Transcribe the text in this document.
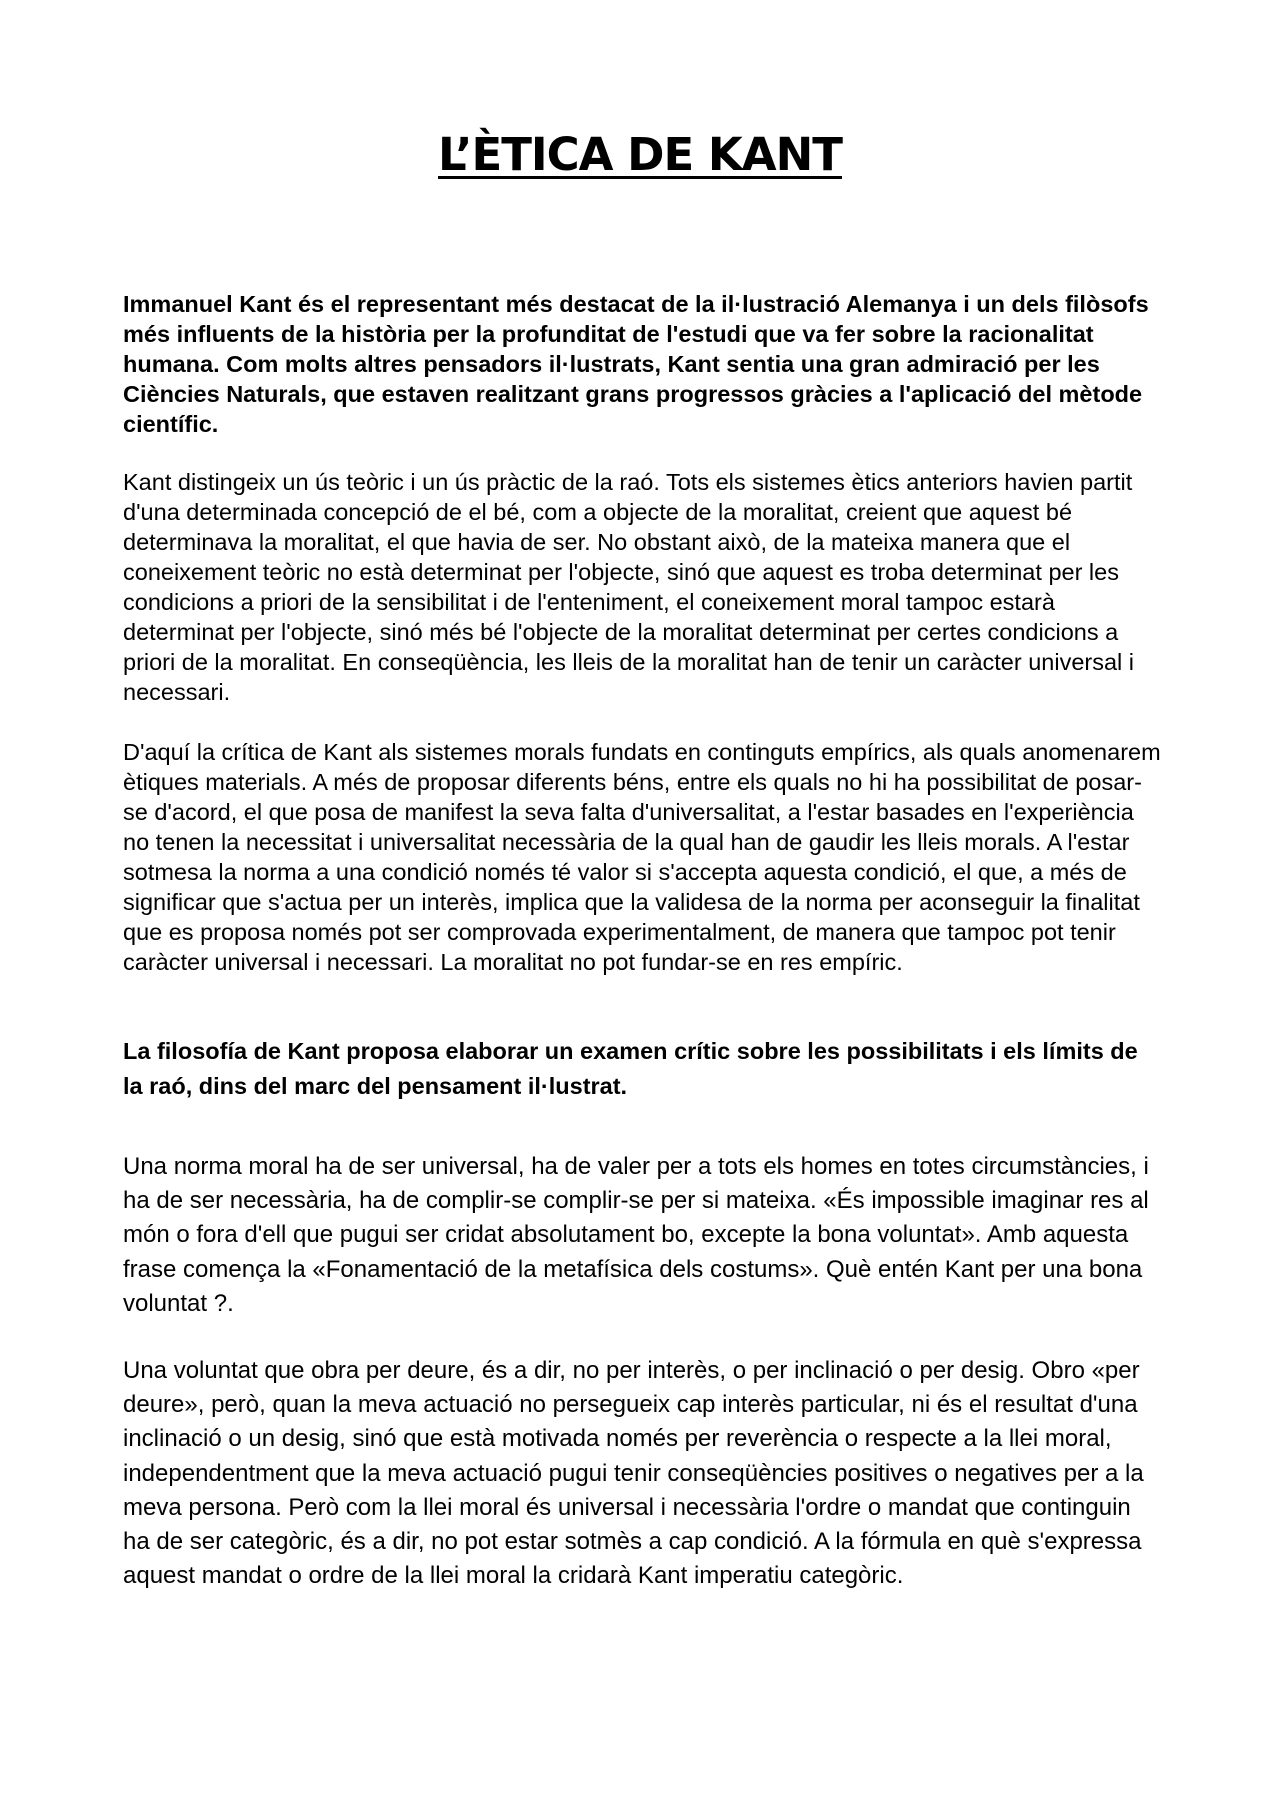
L’ÈTICA DE KANT

Immanuel Kant és el representant més destacat de la il·lustració Alemanya i un dels filòsofs més influents de la història per la profunditat de l'estudi que va fer sobre la racionalitat humana. Com molts altres pensadors il·lustrats, Kant sentia una gran admiració per les Ciències Naturals, que estaven realitzant grans progressos gràcies a l'aplicació del mètode científic.

Kant distingeix un ús teòric i un ús pràctic de la raó. Tots els sistemes ètics anteriors havien partit d'una determinada concepció de el bé, com a objecte de la moralitat, creient que aquest bé determinava la moralitat, el que havia de ser. No obstant això, de la mateixa manera que el coneixement teòric no està determinat per l'objecte, sinó que aquest es troba determinat per les condicions a priori de la sensibilitat i de l'enteniment, el coneixement moral tampoc estarà determinat per l'objecte, sinó més bé l'objecte de la moralitat determinat per certes condicions a priori de la moralitat. En conseqüència, les lleis de la moralitat han de tenir un caràcter universal i necessari.

D'aquí la crítica de Kant als sistemes morals fundats en continguts empírics, als quals anomenarem ètiques materials. A més de proposar diferents béns, entre els quals no hi ha possibilitat de posar-se d'acord, el que posa de manifest la seva falta d'universalitat, a l'estar basades en l'experiència no tenen la necessitat i universalitat necessària de la qual han de gaudir les lleis morals. A l'estar sotmesa la norma a una condició només té valor si s'accepta aquesta condició, el que, a més de significar que s'actua per un interès, implica que la validesa de la norma per aconseguir la finalitat que es proposa només pot ser comprovada experimentalment, de manera que tampoc pot tenir caràcter universal i necessari. La moralitat no pot fundar-se en res empíric.

La filosofía de Kant proposa elaborar un examen crític sobre les possibilitats i els límits de la raó, dins del marc del pensament il·lustrat.

Una norma moral ha de ser universal, ha de valer per a tots els homes en totes circumstàncies, i ha de ser necessària, ha de complir-se complir-se per si mateixa. «És impossible imaginar res al món o fora d'ell que pugui ser cridat absolutament bo, excepte la bona voluntat». Amb aquesta frase comença la «Fonamentació de la metafísica dels costums». Què entén Kant per una bona voluntat ?.

Una voluntat que obra per deure, és a dir, no per interès, o per inclinació o per desig. Obro «per deure», però, quan la meva actuació no persegueix cap interès particular, ni és el resultat d'una inclinació o un desig, sinó que està motivada només per reverència o respecte a la llei moral, independentment que la meva actuació pugui tenir conseqüències positives o negatives per a la meva persona. Però com la llei moral és universal i necessària l'ordre o mandat que continguin ha de ser categòric, és a dir, no pot estar sotmès a cap condició. A la fórmula en què s'expressa aquest mandat o ordre de la llei moral la cridarà Kant imperatiu categòric.
